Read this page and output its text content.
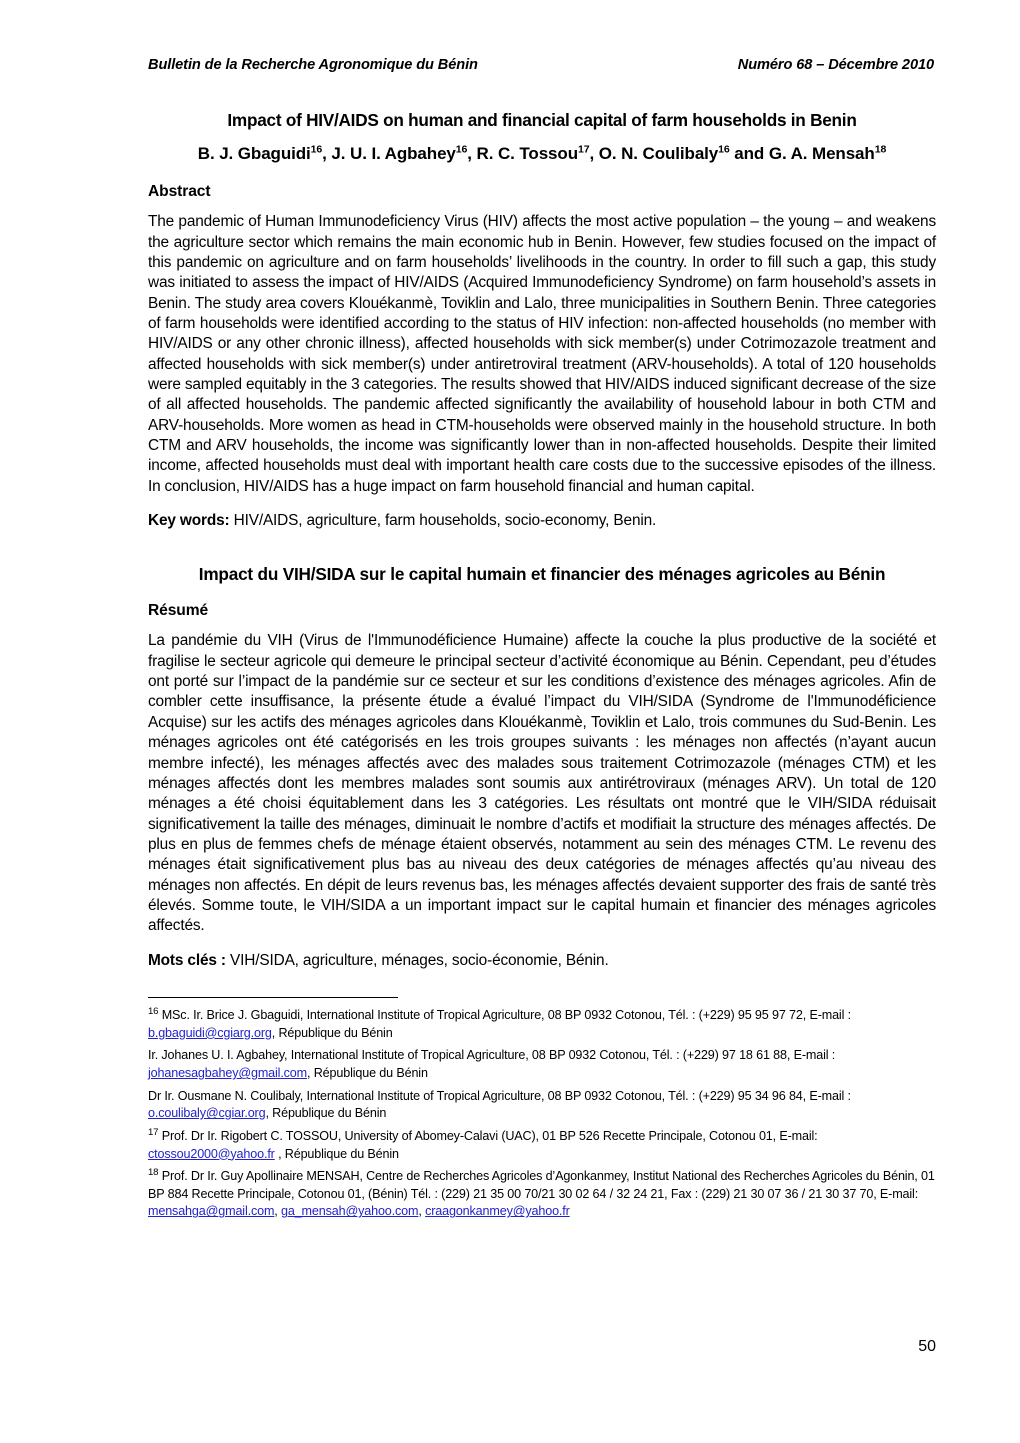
Bulletin de la Recherche Agronomique du Bénin	Numéro 68 – Décembre 2010
Impact of HIV/AIDS on human and financial capital of farm households in Benin
B. J. Gbaguidi$^{16}$, J. U. I. Agbahey$^{16}$, R. C. Tossou$^{17}$, O. N. Coulibaly$^{16}$ and G. A. Mensah$^{18}$
Abstract
The pandemic of Human Immunodeficiency Virus (HIV) affects the most active population – the young – and weakens the agriculture sector which remains the main economic hub in Benin. However, few studies focused on the impact of this pandemic on agriculture and on farm households’ livelihoods in the country. In order to fill such a gap, this study was initiated to assess the impact of HIV/AIDS (Acquired Immunodeficiency Syndrome) on farm household’s assets in Benin. The study area covers Klouékanmè, Toviklin and Lalo, three municipalities in Southern Benin. Three categories of farm households were identified according to the status of HIV infection: non-affected households (no member with HIV/AIDS or any other chronic illness), affected households with sick member(s) under Cotrimozazole treatment and affected households with sick member(s) under antiretroviral treatment (ARV-households). A total of 120 households were sampled equitably in the 3 categories. The results showed that HIV/AIDS induced significant decrease of the size of all affected households. The pandemic affected significantly the availability of household labour in both CTM and ARV-households. More women as head in CTM-households were observed mainly in the household structure. In both CTM and ARV households, the income was significantly lower than in non-affected households. Despite their limited income, affected households must deal with important health care costs due to the successive episodes of the illness. In conclusion, HIV/AIDS has a huge impact on farm household financial and human capital.
Key words: HIV/AIDS, agriculture, farm households, socio-economy, Benin.
Impact du VIH/SIDA sur le capital humain et financier des ménages agricoles au Bénin
Résumé
La pandémie du VIH (Virus de l'Immunodéficience Humaine) affecte la couche la plus productive de la société et fragilise le secteur agricole qui demeure le principal secteur d’activité économique au Bénin. Cependant, peu d’études ont porté sur l’impact de la pandémie sur ce secteur et sur les conditions d’existence des ménages agricoles. Afin de combler cette insuffisance, la présente étude a évalué l’impact du VIH/SIDA (Syndrome de l'Immunodéficience Acquise) sur les actifs des ménages agricoles dans Klouékanmè, Toviklin et Lalo, trois communes du Sud-Benin. Les ménages agricoles ont été catégorisés en les trois groupes suivants : les ménages non affectés (n’ayant aucun membre infecté), les ménages affectés avec des malades sous traitement Cotrimozazole (ménages CTM) et les ménages affectés dont les membres malades sont soumis aux antirétroviraux (ménages ARV). Un total de 120 ménages a été choisi équitablement dans les 3 catégories. Les résultats ont montré que le VIH/SIDA réduisait significativement la taille des ménages, diminuait le nombre d’actifs et modifiait la structure des ménages affectés. De plus en plus de femmes chefs de ménage étaient observés, notamment au sein des ménages CTM. Le revenu des ménages était significativement plus bas au niveau des deux catégories de ménages affectés qu’au niveau des ménages non affectés. En dépit de leurs revenus bas, les ménages affectés devaient supporter des frais de santé très élevés. Somme toute, le VIH/SIDA a un important impact sur le capital humain et financier des ménages agricoles affectés.
Mots clés : VIH/SIDA, agriculture, ménages, socio-économie, Bénin.
$^{16}$ MSc. Ir. Brice J. Gbaguidi, International Institute of Tropical Agriculture, 08 BP 0932 Cotonou, Tél. : (+229) 95 95 97 72, E-mail : b.gbaguidi@cgiarg.org, République du Bénin
Ir. Johanes U. I. Agbahey, International Institute of Tropical Agriculture, 08 BP 0932 Cotonou, Tél. : (+229) 97 18 61 88, E-mail : johanesagbahey@gmail.com, République du Bénin
Dr Ir. Ousmane N. Coulibaly, International Institute of Tropical Agriculture, 08 BP 0932 Cotonou, Tél. : (+229) 95 34 96 84, E-mail : o.coulibaly@cgiar.org, République du Bénin
$^{17}$ Prof. Dr Ir. Rigobert C. TOSSOU, University of Abomey-Calavi (UAC), 01 BP 526 Recette Principale, Cotonou 01, E-mail: ctossou2000@yahoo.fr , République du Bénin
$^{18}$ Prof. Dr Ir. Guy Apollinaire MENSAH, Centre de Recherches Agricoles d’Agonkanmey, Institut National des Recherches Agricoles du Bénin, 01 BP 884 Recette Principale, Cotonou 01, (Bénin) Tél. : (229) 21 35 00 70/21 30 02 64 / 32 24 21, Fax : (229) 21 30 07 36 / 21 30 37 70, E-mail: mensahga@gmail.com, ga_mensah@yahoo.com, craagonkanmey@yahoo.fr
50
